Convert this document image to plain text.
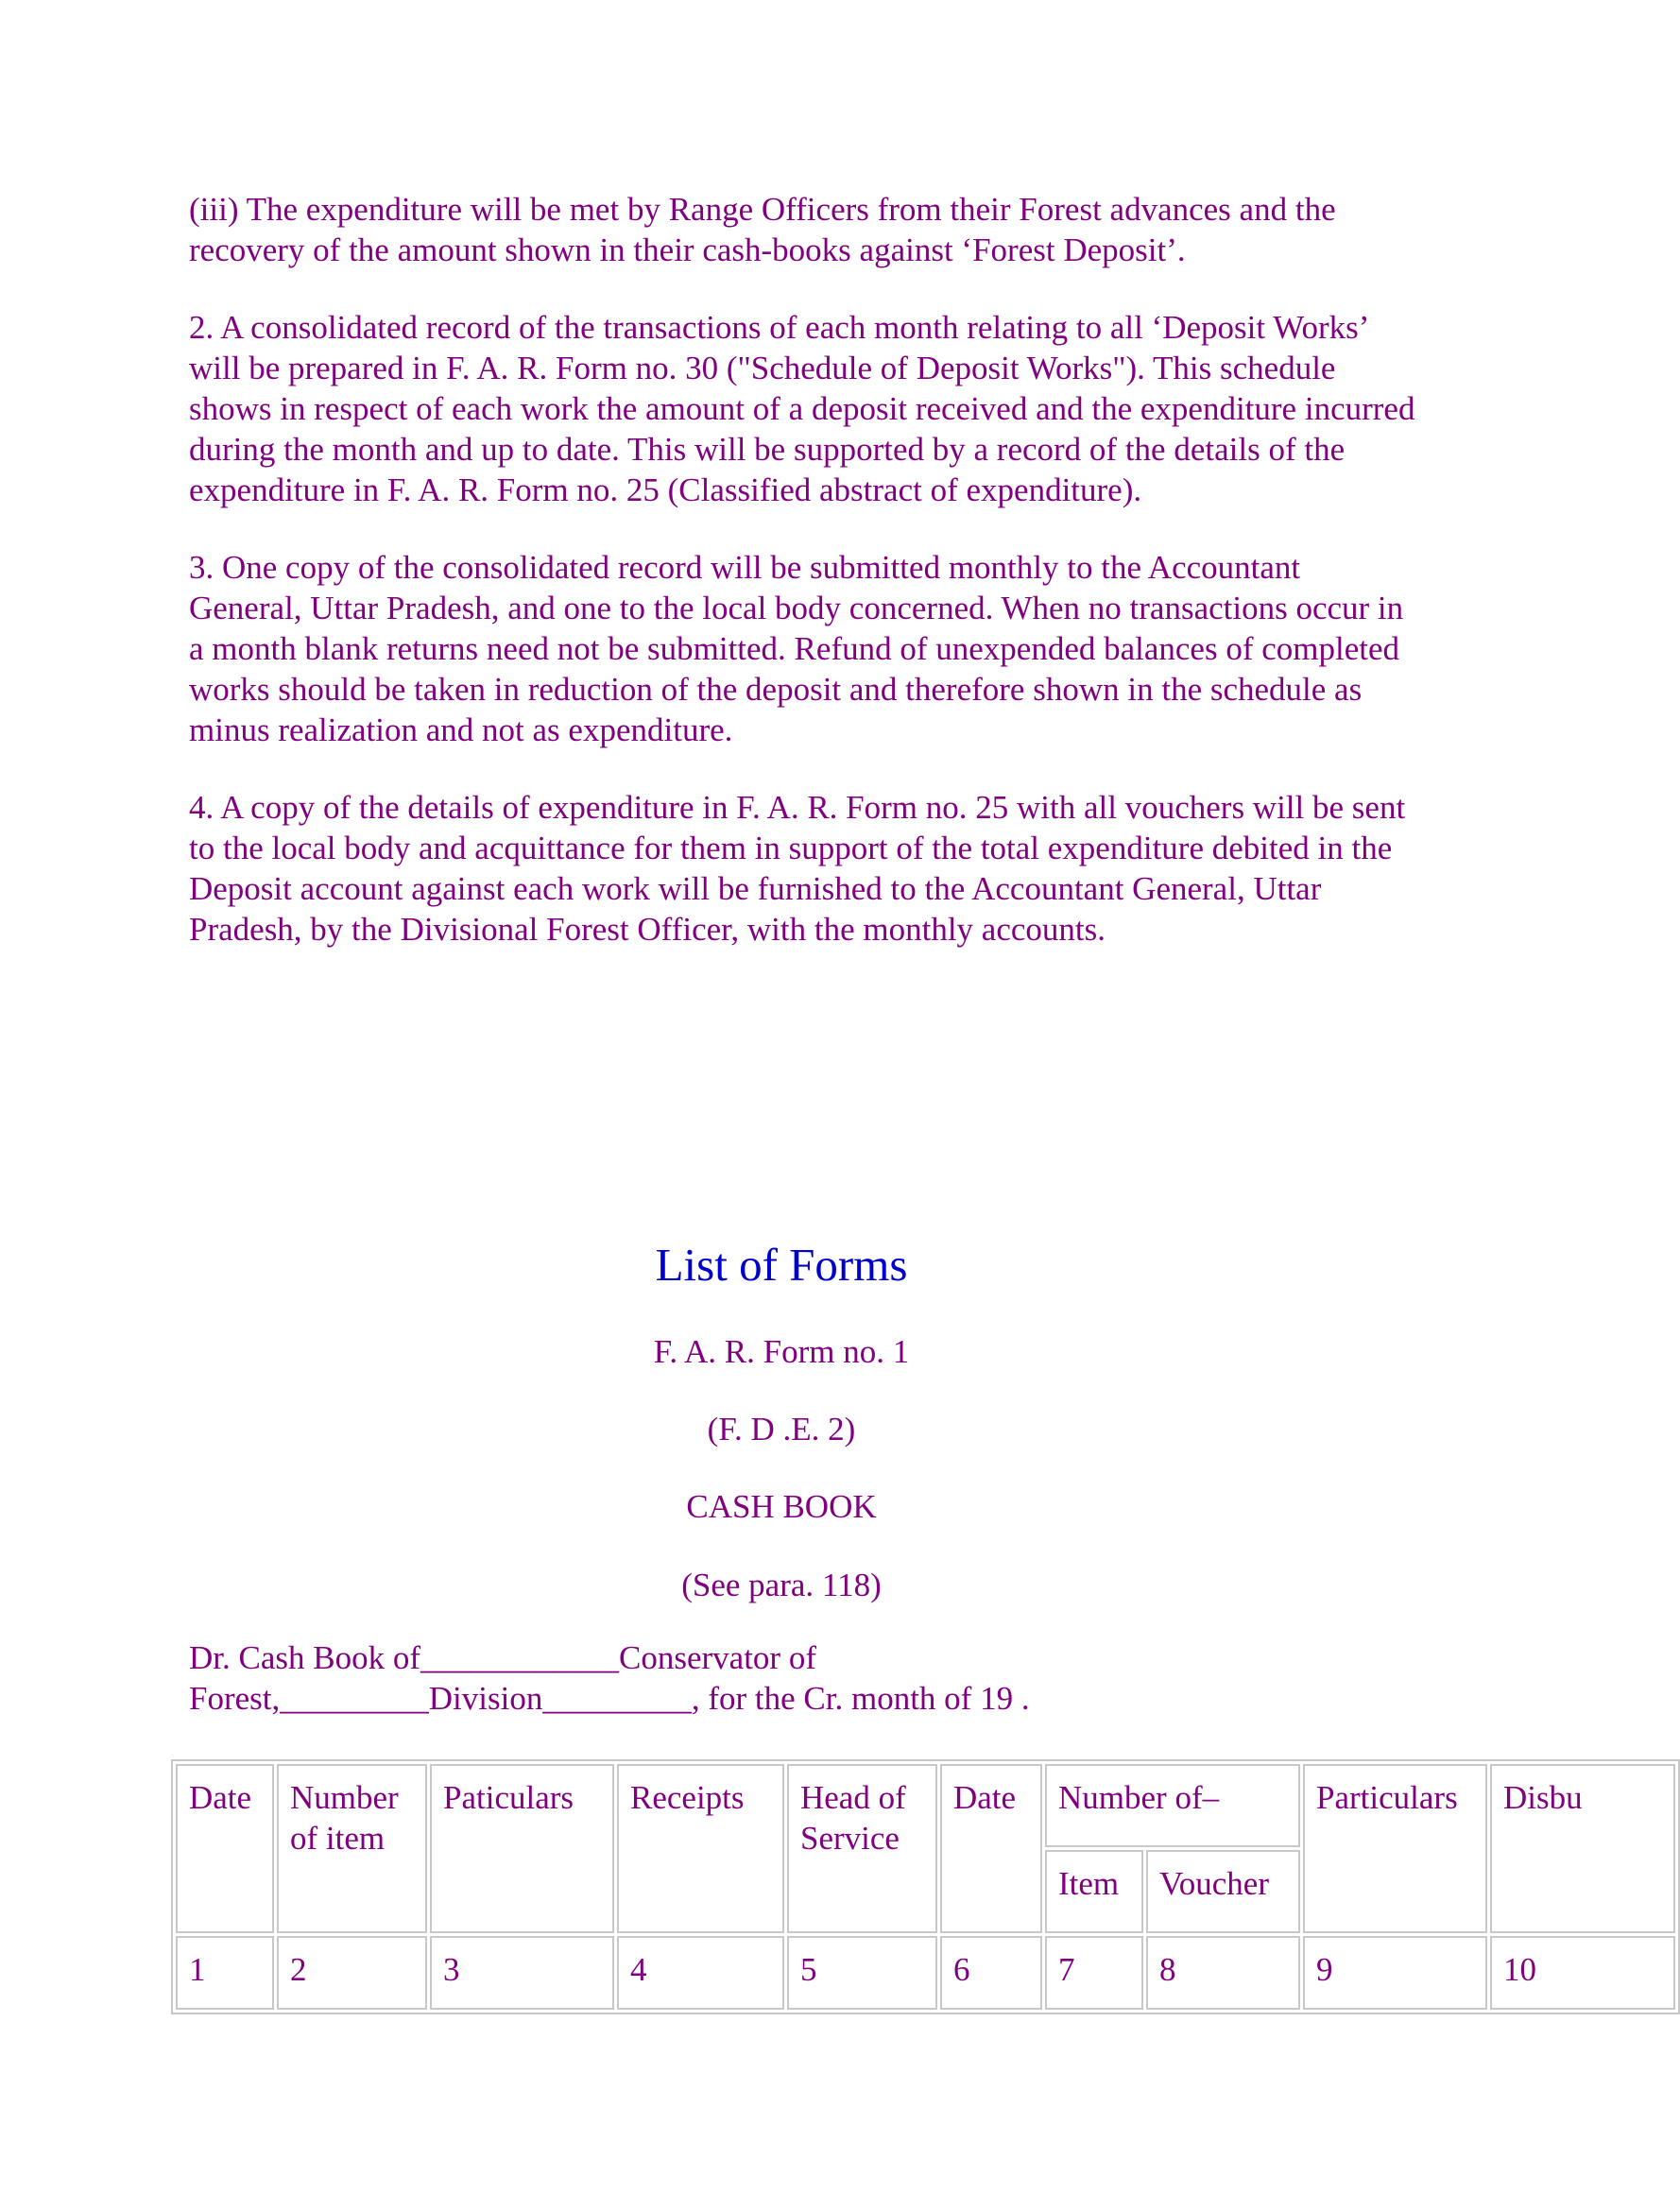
(iii) The expenditure will be met by Range Officers from their Forest advances and the recovery of the amount shown in their cash-books against ‘Forest Deposit’.

2. A consolidated record of the transactions of each month relating to all ‘Deposit Works’ will be prepared in F. A. R. Form no. 30 ("Schedule of Deposit Works"). This schedule shows in respect of each work the amount of a deposit received and the expenditure incurred during the month and up to date. This will be supported by a record of the details of the expenditure in F. A. R. Form no. 25 (Classified abstract of expenditure).

3. One copy of the consolidated record will be submitted monthly to the Accountant General, Uttar Pradesh, and one to the local body concerned. When no transactions occur in a month blank returns need not be submitted. Refund of unexpended balances of completed works should be taken in reduction of the deposit and therefore shown in the schedule as minus realization and not as expenditure.

4. A copy of the details of expenditure in F. A. R. Form no. 25 with all vouchers will be sent to the local body and acquittance for them in support of the total expenditure debited in the Deposit account against each work will be furnished to the Accountant General, Uttar Pradesh, by the Divisional Forest Officer, with the monthly accounts.

List of Forms
F. A. R. Form no. 1
(F. D .E. 2)
CASH BOOK
(See para. 118)
Dr. Cash Book of____________Conservator of
Forest,_________Division_________, for the Cr. month of 19 .
Date	Number of item	Paticulars	Receipts	Head of Service	Date	Number of–		Particulars	Disbu
						Item	Voucher		
1	2	3	4	5	6	7	8	9	10
